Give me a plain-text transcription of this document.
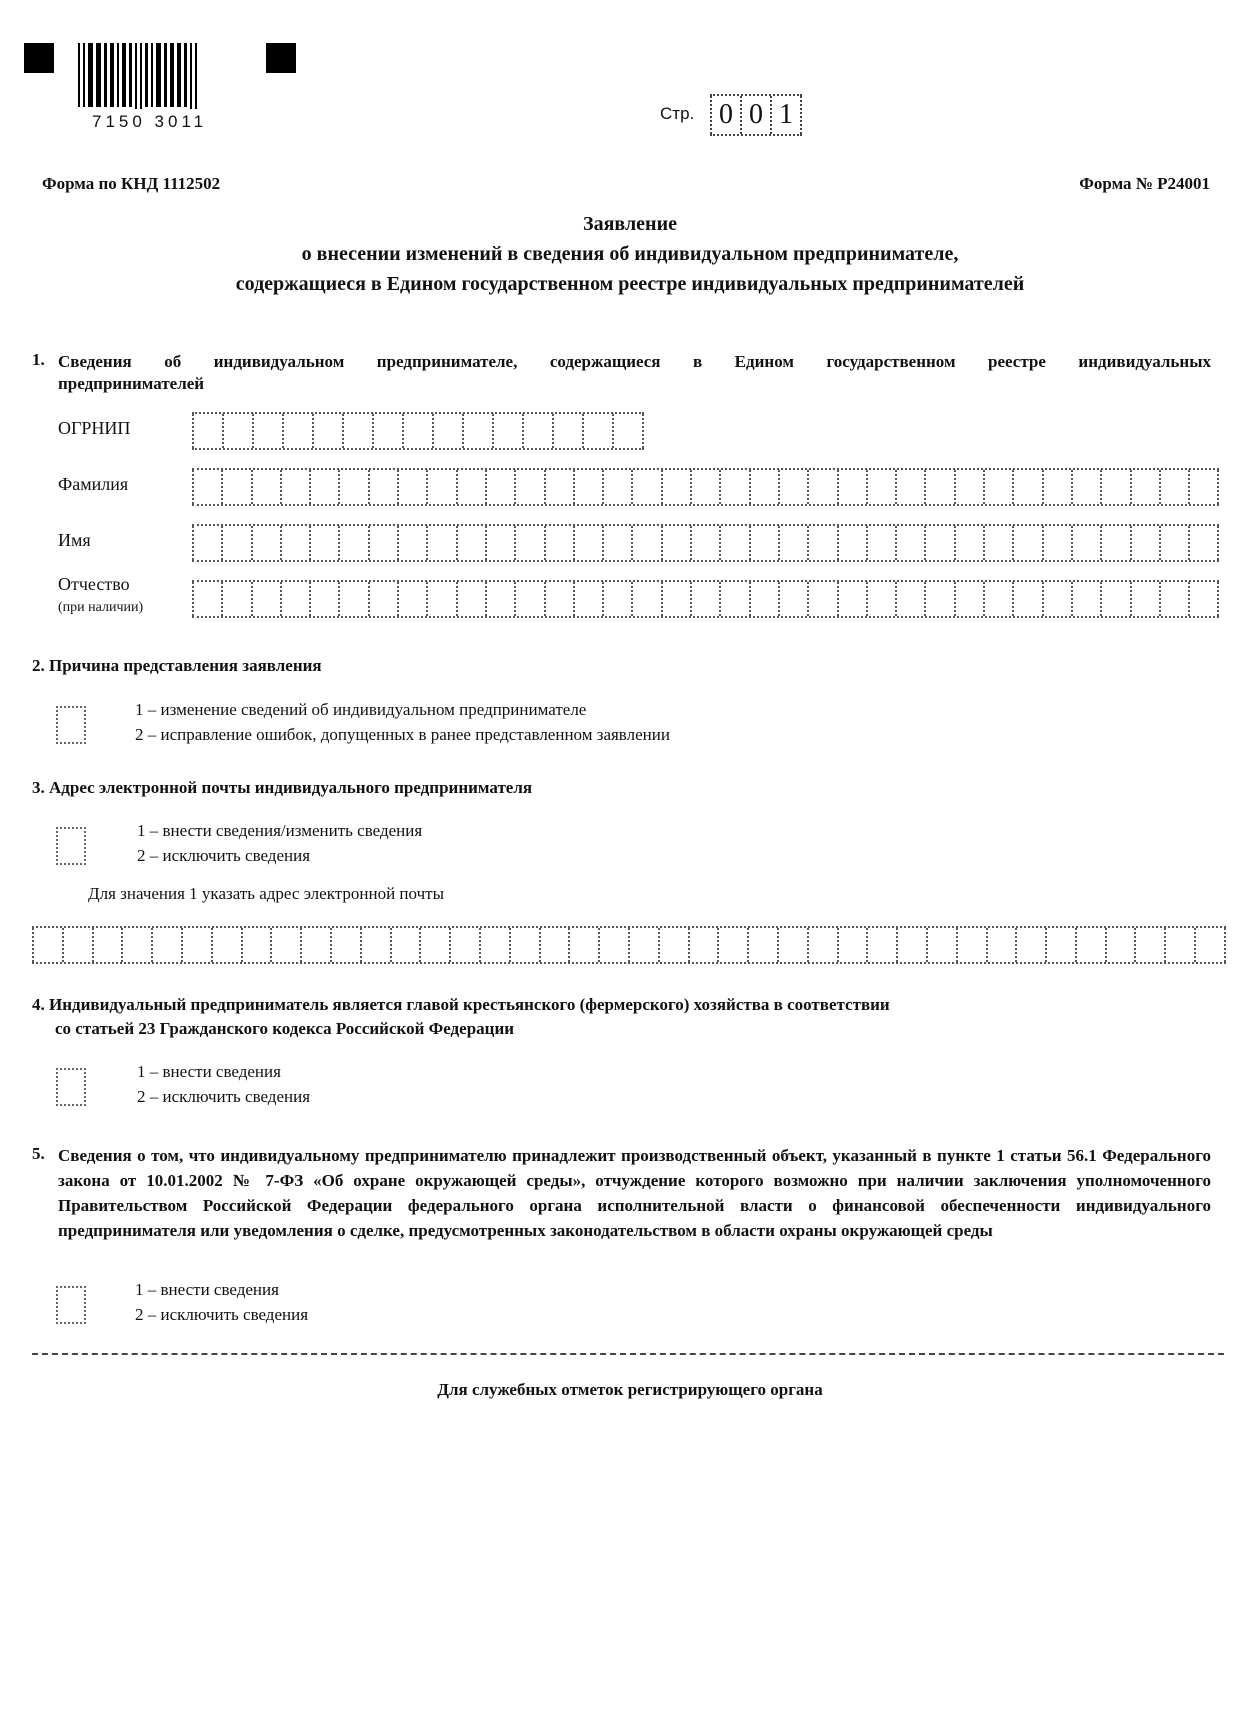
7150 3011	Стр. 0 0 1
Форма по КНД 1112502	Форма № Р24001
Заявление
о внесении изменений в сведения об индивидуальном предпринимателе,
содержащиеся в Едином государственном реестре индивидуальных предпринимателей
1. Сведения об индивидуальном предпринимателе, содержащиеся в Едином государственном реестре индивидуальных
предпринимателей
ОГРНИП
Фамилия
Имя
Отчество
(при наличии)
2. Причина представления заявления
1 – изменение сведений об индивидуальном предпринимателе
2 – исправление ошибок, допущенных в ранее представленном заявлении
3. Адрес электронной почты индивидуального предпринимателя
1 – внести сведения/изменить сведения
2 – исключить сведения
Для значения 1 указать адрес электронной почты
4. Индивидуальный предприниматель является главой крестьянского (фермерского) хозяйства в соответствии
со статьей 23 Гражданского кодекса Российской Федерации
1 – внести сведения
2 – исключить сведения
5. Сведения о том, что индивидуальному предпринимателю принадлежит производственный объект, указанный в пункте 1 статьи 56.1 Федерального закона от 10.01.2002 № 7-ФЗ «Об охране окружающей среды», отчуждение которого возможно при наличии заключения уполномоченного Правительством Российской Федерации федерального органа исполнительной власти о финансовой обеспеченности индивидуального предпринимателя или уведомления о сделке, предусмотренных законодательством в области охраны окружающей среды
1 – внести сведения
2 – исключить сведения
Для служебных отметок регистрирующего органа
